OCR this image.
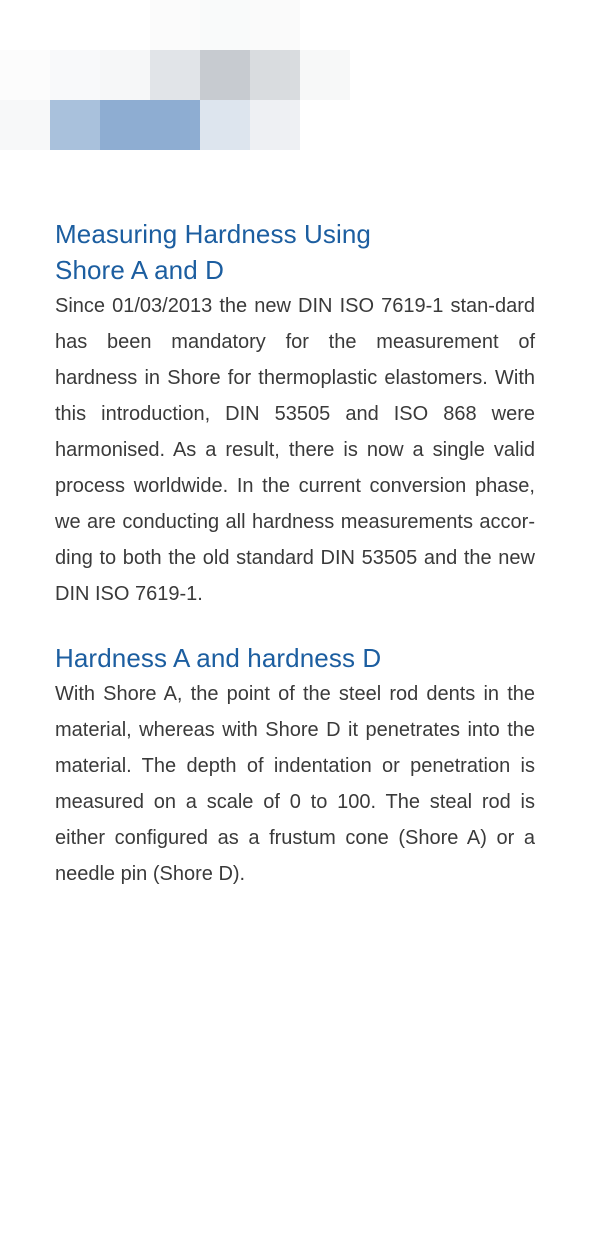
Measuring Hardness Using
Shore A and D

Since 01/03/2013 the new DIN ISO 7619-1 stan-dard has been mandatory for the measurement of hardness in Shore for thermoplastic elastomers. With this introduction, DIN 53505 and ISO 868 were harmonised. As a result, there is now a single valid process worldwide. In the current conversion phase, we are conducting all hardness measurements accor-ding to both the old standard DIN 53505 and the new DIN ISO 7619-1.

Hardness A and hardness D

With Shore A, the point of the steel rod dents in the material, whereas with Shore D it penetrates into the material. The depth of indentation or penetration is measured on a scale of 0 to 100. The steal rod is either configured as a frustum cone (Shore A) or a needle pin (Shore D).
